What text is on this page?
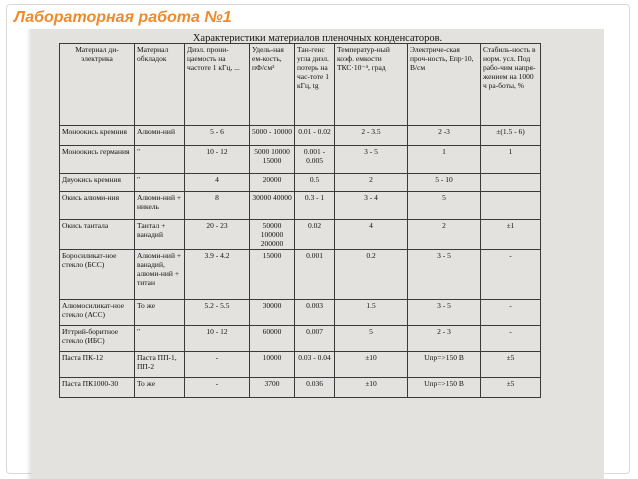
Лабораторная работа №1
Характеристики материалов пленочных конденсаторов.
Материал ди-электрика	Материал обкладок	Диэл. прони-цаемость на частоте 1 кГц, ...	Удель-ная ем-кость, пФ/см²	Тан-генс угла диэл. потерь на час-тоте 1 кГц, tg	Температур-ный коэф. емкости ТКС·10⁻⁴, град	Электриче-ская проч-ность, Eпр·10, В/см	Стабиль-ность в норм. усл. Под рабо-чим напря-жением на 1000 ч ра-боты, %
Моноокись кремния	Алюми-ний	5 - 6	5000 - 10000	0.01 - 0.02	2 - 3.5	2 -3	±(1.5 - 6)
Моноокись германия	"	10 - 12	5000 10000 15000	0.001 - 0.005	3 - 5	1	1
Двуокись кремния	"	4	20000	0.5	2	5 - 10	
Окись алюми-ния	Алюми-ний + никель	8	30000 40000	0.3 - 1	3 - 4	5	
Окись тантала	Тантал + ванадий	20 - 23	50000 100000 200000	0.02	4	2	±1
Боросиликат-ное стекло (БСС)	Алюми-ний + ванадий, алюми-ний + титан	3.9 - 4.2	15000	0.001	0.2	3 - 5	-
Алюмосиликат-ное стекло (АСС)	То же	5.2 - 5.5	30000	0.003	1.5	3 - 5	-
Иттрий-боритное стекло (ИБС)	"	10 - 12	60000	0.007	5	2 - 3	-
Паста ПК-12	Паста ПП-1, ПП-2	-	10000	0.03 - 0.04	±10	Uпр=>150 В	±5
Паста ПК1000-30	То же	-	3700	0.036	±10	Uпр=>150 В	±5
